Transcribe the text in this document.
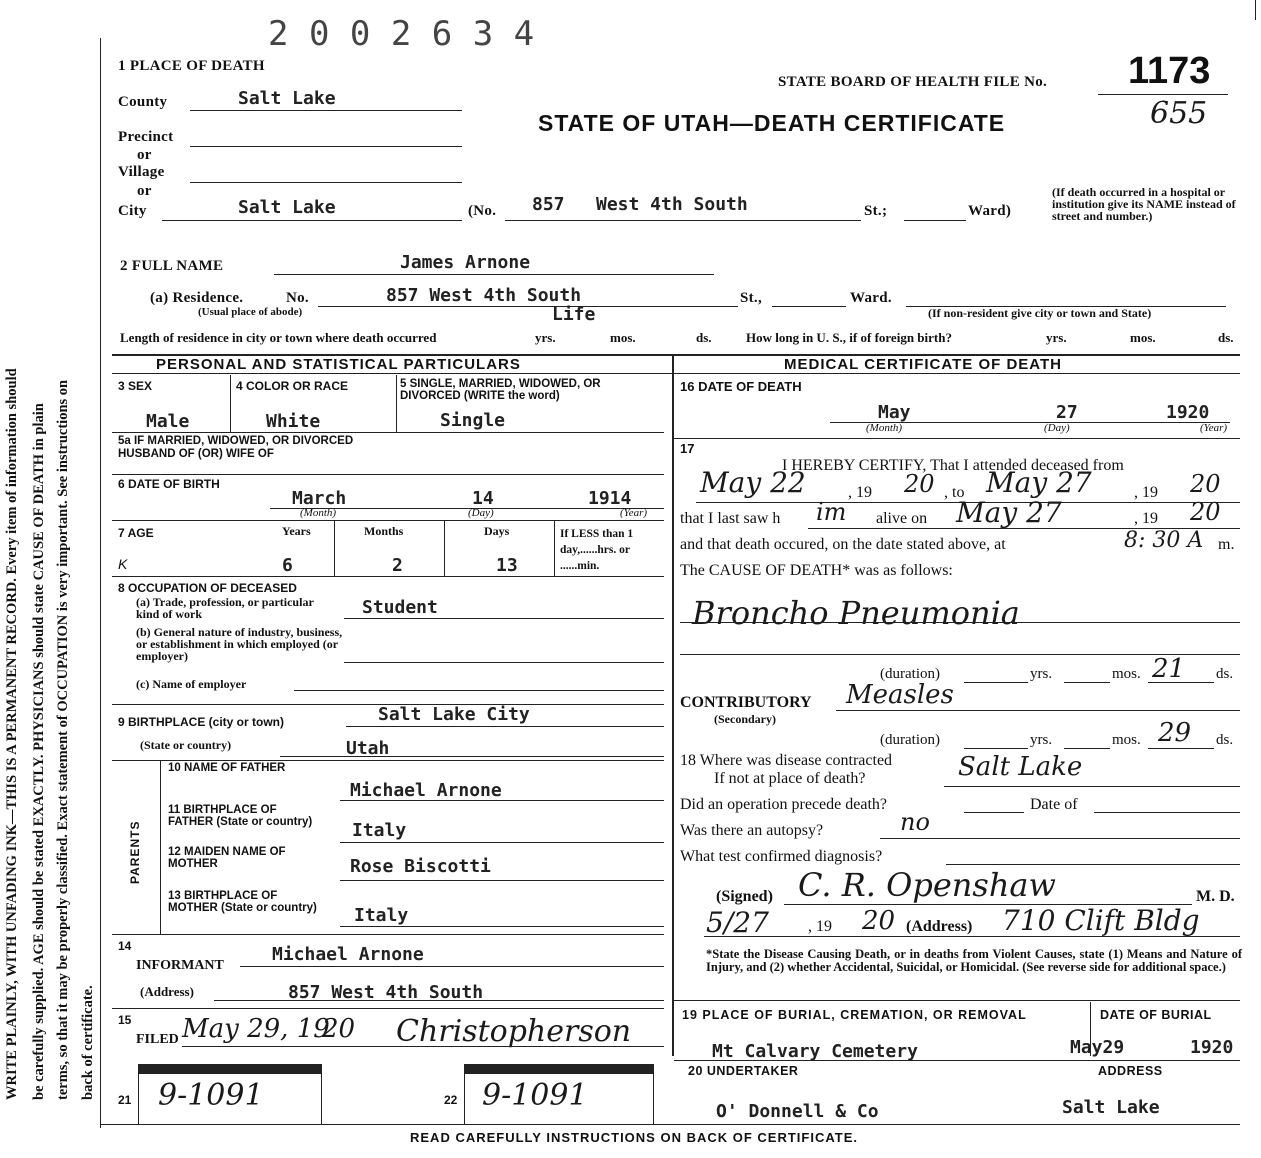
WRITE PLAINLY, WITH UNFADING INK—THIS IS A PERMANENT RECORD. Every item of information should be carefully supplied. AGE should be stated EXACTLY. PHYSICIANS should state CAUSE OF DEATH in plain terms, so that it may be properly classified. Exact statement of OCCUPATION is very important. See instructions on back of certificate.
2 0 0 2 6 3 4
1 PLACE OF DEATH
STATE BOARD OF HEALTH FILE No. 1173
655
STATE OF UTAH—DEATH CERTIFICATE
County	Salt Lake
Precinct
or
Village
or
City	Salt Lake	(No. 857 West 4th South	St.;	Ward)
(If death occurred in a hospital or institution give its NAME instead of street and number.)
2 FULL NAME	James Arnone
(a) Residence.	No.	857 West 4th South
(Usual place of abode)
St.,	Ward.
(If non-resident give city or town and State)
Length of residence in city or town where death occurred
Life
yrs.	mos.	ds.	How long in U. S., if of foreign birth?	yrs.	mos.	ds.
PERSONAL AND STATISTICAL PARTICULARS	MEDICAL CERTIFICATE OF DEATH
3 SEX	4 COLOR OR RACE	5 SINGLE, MARRIED, WIDOWED, OR DIVORCED (WRITE the word)
Male	White	Single
5a IF MARRIED, WIDOWED, OR DIVORCED HUSBAND OF (OR) WIFE OF
6 DATE OF BIRTH
March	14	1914
(Month)	(Day)	(Year)
7 AGE	Years	Months	Days	If LESS than 1 day,......hrs. or ......min.
K	6	2	13
8 OCCUPATION OF DECEASED
(a) Trade, profession, or particular kind of work	Student
(b) General nature of industry, business, or establishment in which employed (or employer)
(c) Name of employer
9 BIRTHPLACE (city or town)	Salt Lake City
(State or country)	Utah
PARENTS
10 NAME OF FATHER
Michael Arnone
11 BIRTHPLACE OF FATHER (State or country)	Italy
12 MAIDEN NAME OF MOTHER	Rose Biscotti
13 BIRTHPLACE OF MOTHER (State or country) Italy
14
INFORMANT
Michael Arnone
(Address)	857 West 4th South
15
FILED May 29, 19
20 Christopherson
REGISTERED NUMBER
21 9-1091
NO. OF BURIAL PERMIT
22 9-1091
16 DATE OF DEATH
May	27	1920
(Month)	(Day)	(Year)
17
I HEREBY CERTIFY, That I attended deceased from
May 22	, 19 20 , to May 27	, 19 20
that I last saw h im alive on May 27	, 19 20
and that death occured, on the date stated above, at	8: 30 A m.
The CAUSE OF DEATH* was as follows:
Broncho Pneumonia
(duration)	yrs.	mos. 21 ds.
CONTRIBUTORY
(Secondary)
Measles
(duration)	yrs.	mos. 29 ds.
18 Where was disease contracted
If not at place of death?	Salt Lake
Did an operation precede death?	Date of
Was there an autopsy?	no
What test confirmed diagnosis?
(Signed) C. R. Openshaw	M. D.
5/27 , 19 20 (Address) 710 Clift Bldg
*State the Disease Causing Death, or in deaths from Violent Causes, state (1) Means and Nature of Injury, and (2) whether Accidental, Suicidal, or Homicidal. (See reverse side for additional space.)
19 PLACE OF BURIAL, CREMATION, OR REMOVAL	DATE OF BURIAL
Mt Calvary Cemetery	May29	1920
20 UNDERTAKER	ADDRESS
O' Donnell & Co	Salt Lake
READ CAREFULLY INSTRUCTIONS ON BACK OF CERTIFICATE.
